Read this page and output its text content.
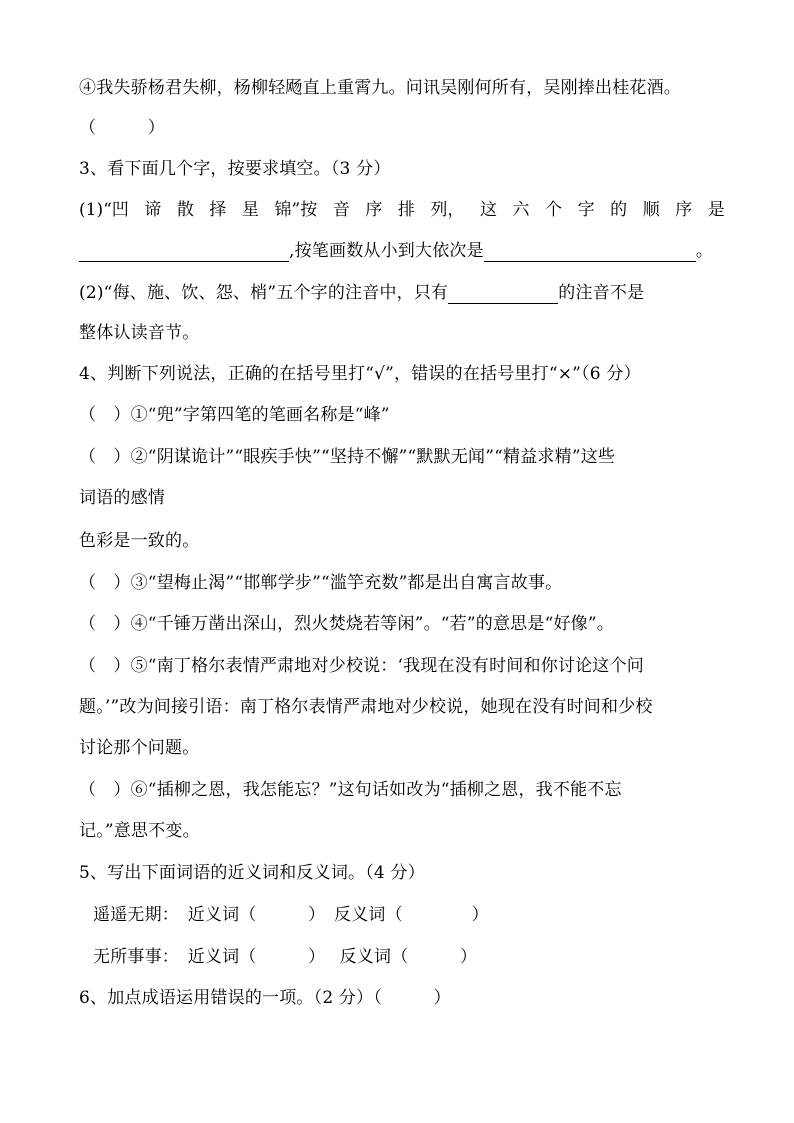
④我失骄杨君失柳，杨柳轻飏直上重霄九。问讯吴刚何所有，吴刚捧出桂花酒。
（　　　）
3、看下面几个字，按要求填空。（3 分）
(1)“凹 谛 散 择 星 锦”按 音 序 排 列， 这 六 个 字 的 顺 序 是
,按笔画数从小到大依次是	。
(2)“侮、施、饮、怨、梢”五个字的注音中，只有	的注音不是
整体认读音节。
4、判断下列说法，正确的在括号里打“√”，错误的在括号里打“×”（6 分）
（　）①“兜”字第四笔的笔画名称是“峰”
（　）②“阴谋诡计”“眼疾手快”“坚持不懈”“默默无闻”“精益求精”这些
词语的感情
色彩是一致的。
（　）③“望梅止渴”“邯郸学步”“滥竽充数”都是出自寓言故事。
（　）④“千锤万凿出深山，烈火焚烧若等闲”。“若”的意思是“好像”。
（　）⑤“南丁格尔表情严肃地对少校说：‘我现在没有时间和你讨论这个问
题。’”改为间接引语：南丁格尔表情严肃地对少校说，她现在没有时间和少校
讨论那个问题。
（　）⑥“插柳之恩，我怎能忘？”这句话如改为“插柳之恩，我不能不忘
记。”意思不变。
5、写出下面词语的近义词和反义词。（4 分）
遥遥无期：　近义词（　　　）　反义词（　　　　）
无所事事：　近义词（　　　）　 反义词（　　　）
6、加点成语运用错误的一项。（2 分）（　　　）
